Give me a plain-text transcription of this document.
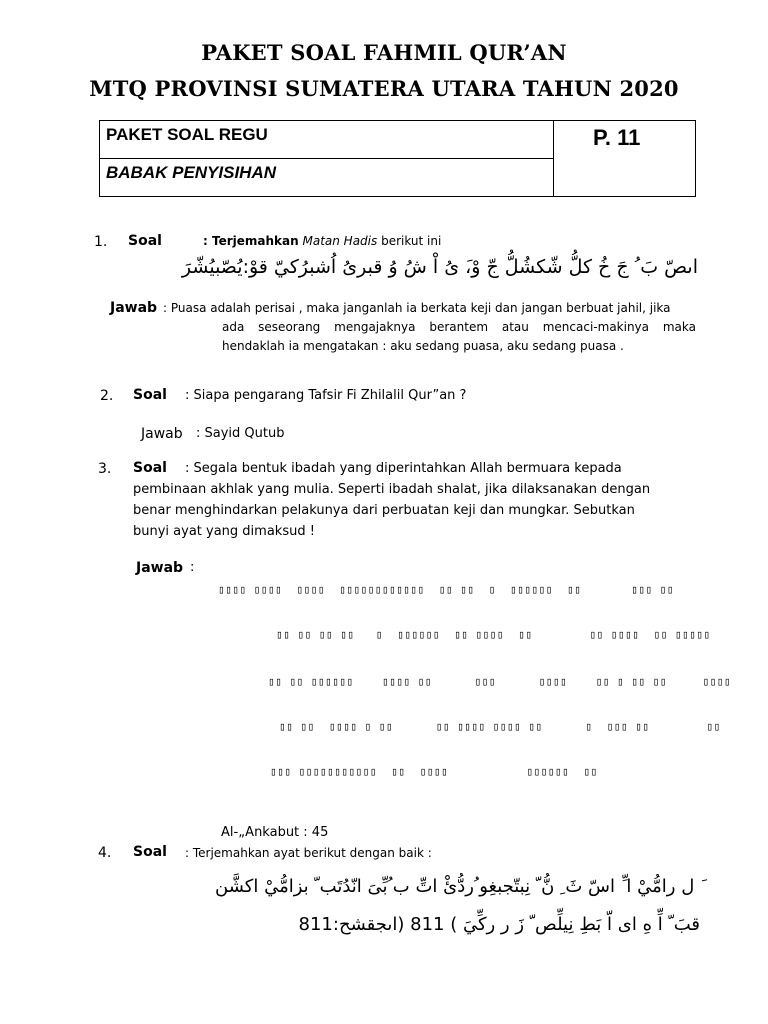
PAKET SOAL FAHMIL QUR’AN
MTQ PROVINSI SUMATERA UTARA TAHUN 2020
PAKET SOAL REGU
BABAK PENYISIHAN
P. 11
1. Soal	: Terjemahkan Matan Hadis berikut ini
اںصّ بَ ُ جَ خُ كلُّ شّكشُلُّ جّ وْ،َ ىُ اْ شُ وُ قبرىُ اُشبرُكيّ قوْ:یُصّبیُشّرَ
Jawab : Puasa adalah perisai , maka janganlah ia berkata keji dan jangan berbuat jahil, jika
ada seseorang mengajaknya berantem atau mencaci-makinya maka
hendaklah ia mengatakan : aku sedang puasa, aku sedang puasa .
2. Soal : Siapa pengarang Tafsir Fi Zhilalil Qur”an ?
Jawab : Sayid Qutub
3. Soal : Segala bentuk ibadah yang diperintahkan Allah bermuara kepada
pembinaan akhlak yang mulia. Seperti ibadah shalat, jika dilaksanakan dengan
benar menghindarkan pelakunya dari perbuatan keji dan mungkar. Sebutkan
bunyi ayat yang dimaksud !
Jawab :
▯▯▯▯ ▯▯▯▯  ▯▯▯▯  ▯▯▯▯▯▯▯▯▯▯▯▯  ▯▯ ▯▯  ▯  ▯▯▯▯▯▯  ▯▯       ▯▯▯ ▯▯
▯▯ ▯▯ ▯▯ ▯▯   ▯  ▯▯▯▯▯▯  ▯▯ ▯▯▯▯  ▯▯        ▯▯ ▯▯▯▯  ▯▯ ▯▯▯▯▯
▯▯ ▯▯ ▯▯▯▯▯▯    ▯▯▯▯ ▯▯      ▯▯▯      ▯▯▯▯    ▯▯ ▯ ▯▯ ▯▯     ▯▯▯▯
▯▯ ▯▯  ▯▯▯▯ ▯ ▯▯      ▯▯ ▯▯▯▯ ▯▯▯▯ ▯▯      ▯  ▯▯▯ ▯▯        ▯▯
▯▯▯ ▯▯▯▯▯▯▯▯▯▯▯  ▯▯  ▯▯▯▯           ▯▯▯▯▯▯  ▯▯
Al-„Ankabut : 45
4. Soal : Terjemahkan ayat berikut dengan baik :
َ ل رامُّيْ ا ِّ اسّ ثَ ِ نُّ ّ نِبتّجبغِو ُردُّئْ اتِّ ب ُبِّىَ انّدُتَب ّ بزامُّيْ اكشَّن
قبَ ّ اِّ هِ اى اّ بَطِ نِیلِّص ّ زَ ر رکِّيَ ) 811 (اںجقشح:811
